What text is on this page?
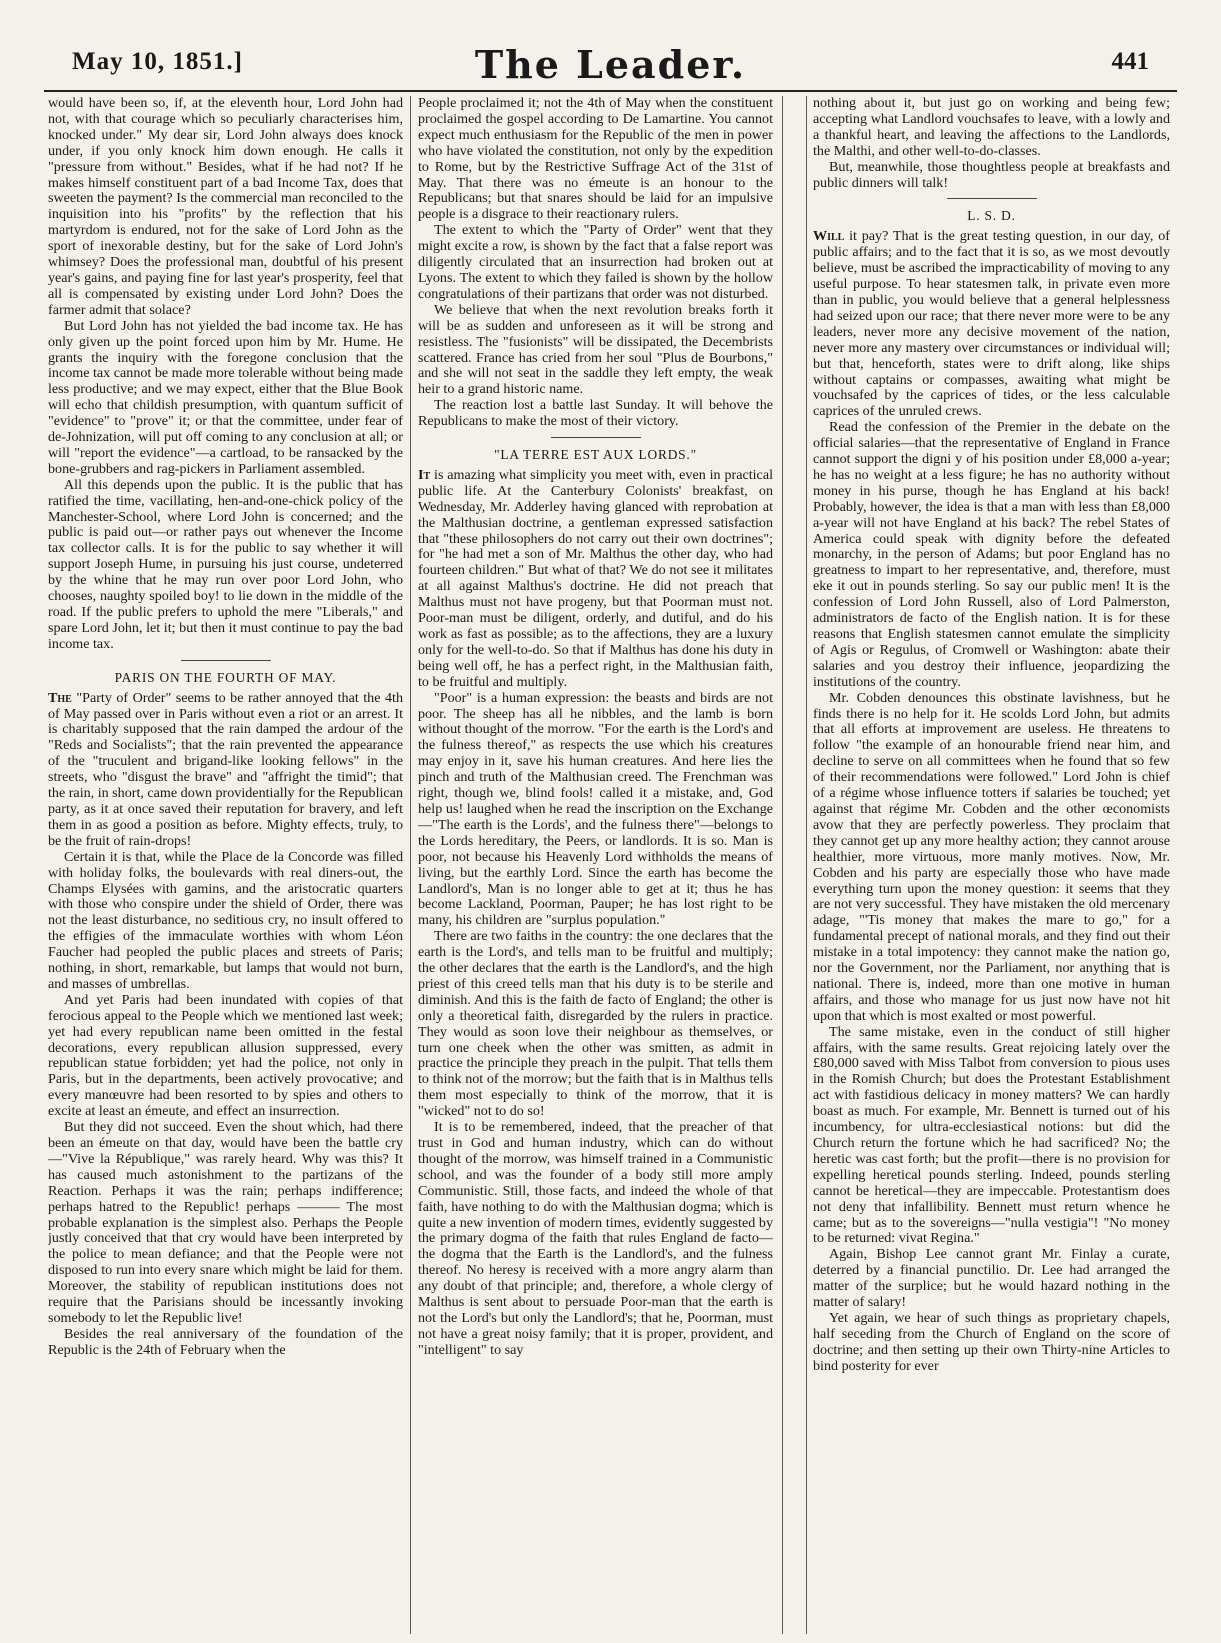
May 10, 1851.]	The Leader.	441

would have been so, if, at the eleventh hour, Lord John had not, with that courage which so peculiarly characterises him, knocked under." My dear sir, Lord John always does knock under, if you only knock him down enough. He calls it "pressure from without." Besides, what if he had not? If he makes himself constituent part of a bad Income Tax, does that sweeten the payment? Is the commercial man reconciled to the inquisition into his "profits" by the reflection that his martyrdom is endured, not for the sake of Lord John as the sport of inexorable destiny, but for the sake of Lord John's whimsey? Does the professional man, doubtful of his present year's gains, and paying fine for last year's prosperity, feel that all is compensated by existing under Lord John? Does the farmer admit that solace?

But Lord John has not yielded the bad income tax. He has only given up the point forced upon him by Mr. Hume. He grants the inquiry with the foregone conclusion that the income tax cannot be made more tolerable without being made less productive; and we may expect, either that the Blue Book will echo that childish presumption, with quantum sufficit of "evidence" to "prove" it; or that the committee, under fear of de-Johnization, will put off coming to any conclusion at all; or will "report the evidence"—a cartload, to be ransacked by the bone-grubbers and rag-pickers in Parliament assembled.

All this depends upon the public. It is the public that has ratified the time, vacillating, hen-and-one-chick policy of the Manchester-School, where Lord John is concerned; and the public is paid out—or rather pays out whenever the Income tax collector calls. It is for the public to say whether it will support Joseph Hume, in pursuing his just course, undeterred by the whine that he may run over poor Lord John, who chooses, naughty spoiled boy! to lie down in the middle of the road. If the public prefers to uphold the mere "Liberals," and spare Lord John, let it; but then it must continue to pay the bad income tax.

PARIS ON THE FOURTH OF MAY.

The "Party of Order" seems to be rather annoyed that the 4th of May passed over in Paris without even a riot or an arrest. It is charitably supposed that the rain damped the ardour of the "Reds and Socialists"; that the rain prevented the appearance of the "truculent and brigand-like looking fellows" in the streets, who "disgust the brave" and "affright the timid"; that the rain, in short, came down providentially for the Republican party, as it at once saved their reputation for bravery, and left them in as good a position as before. Mighty effects, truly, to be the fruit of rain-drops!

Certain it is that, while the Place de la Concorde was filled with holiday folks, the boulevards with real diners-out, the Champs Elysées with gamins, and the aristocratic quarters with those who conspire under the shield of Order, there was not the least disturbance, no seditious cry, no insult offered to the effigies of the immaculate worthies with whom Léon Faucher had peopled the public places and streets of Paris; nothing, in short, remarkable, but lamps that would not burn, and masses of umbrellas.

And yet Paris had been inundated with copies of that ferocious appeal to the People which we mentioned last week; yet had every republican name been omitted in the festal decorations, every republican allusion suppressed, every republican statue forbidden; yet had the police, not only in Paris, but in the departments, been actively provocative; and every manœuvre had been resorted to by spies and others to excite at least an émeute, and effect an insurrection.

But they did not succeed. Even the shout which, had there been an émeute on that day, would have been the battle cry—"Vive la République," was rarely heard. Why was this? It has caused much astonishment to the partizans of the Reaction. Perhaps it was the rain; perhaps indifference; perhaps hatred to the Republic! perhaps ——— The most probable explanation is the simplest also. Perhaps the People justly conceived that that cry would have been interpreted by the police to mean defiance; and that the People were not disposed to run into every snare which might be laid for them. Moreover, the stability of republican institutions does not require that the Parisians should be incessantly invoking somebody to let the Republic live!

Besides the real anniversary of the foundation of the Republic is the 24th of February when the

People proclaimed it; not the 4th of May when the constituent proclaimed the gospel according to De Lamartine. You cannot expect much enthusiasm for the Republic of the men in power who have violated the constitution, not only by the expedition to Rome, but by the Restrictive Suffrage Act of the 31st of May. That there was no émeute is an honour to the Republicans; but that snares should be laid for an impulsive people is a disgrace to their reactionary rulers.

The extent to which the "Party of Order" went that they might excite a row, is shown by the fact that a false report was diligently circulated that an insurrection had broken out at Lyons. The extent to which they failed is shown by the hollow congratulations of their partizans that order was not disturbed.

We believe that when the next revolution breaks forth it will be as sudden and unforeseen as it will be strong and resistless. The "fusionists" will be dissipated, the Decembrists scattered. France has cried from her soul "Plus de Bourbons," and she will not seat in the saddle they left empty, the weak heir to a grand historic name.

The reaction lost a battle last Sunday. It will behove the Republicans to make the most of their victory.

"LA TERRE EST AUX LORDS."

It is amazing what simplicity you meet with, even in practical public life. At the Canterbury Colonists' breakfast, on Wednesday, Mr. Adderley having glanced with reprobation at the Malthusian doctrine, a gentleman expressed satisfaction that "these philosophers do not carry out their own doctrines"; for "he had met a son of Mr. Malthus the other day, who had fourteen children." But what of that? We do not see it militates at all against Malthus's doctrine. He did not preach that Malthus must not have progeny, but that Poorman must not. Poor-man must be diligent, orderly, and dutiful, and do his work as fast as possible; as to the affections, they are a luxury only for the well-to-do. So that if Malthus has done his duty in being well off, he has a perfect right, in the Malthusian faith, to be fruitful and multiply.

"Poor" is a human expression: the beasts and birds are not poor. The sheep has all he nibbles, and the lamb is born without thought of the morrow. "For the earth is the Lord's and the fulness thereof," as respects the use which his creatures may enjoy in it, save his human creatures. And here lies the pinch and truth of the Malthusian creed. The Frenchman was right, though we, blind fools! called it a mistake, and, God help us! laughed when he read the inscription on the Exchange—"The earth is the Lords', and the fulness there"—belongs to the Lords hereditary, the Peers, or landlords. It is so. Man is poor, not because his Heavenly Lord withholds the means of living, but the earthly Lord. Since the earth has become the Landlord's, Man is no longer able to get at it; thus he has become Lackland, Poorman, Pauper; he has lost right to be many, his children are "surplus population."

There are two faiths in the country: the one declares that the earth is the Lord's, and tells man to be fruitful and multiply; the other declares that the earth is the Landlord's, and the high priest of this creed tells man that his duty is to be sterile and diminish. And this is the faith de facto of England; the other is only a theoretical faith, disregarded by the rulers in practice. They would as soon love their neighbour as themselves, or turn one cheek when the other was smitten, as admit in practice the principle they preach in the pulpit. That tells them to think not of the morrow; but the faith that is in Malthus tells them most especially to think of the morrow, that it is "wicked" not to do so!

It is to be remembered, indeed, that the preacher of that trust in God and human industry, which can do without thought of the morrow, was himself trained in a Communistic school, and was the founder of a body still more amply Communistic. Still, those facts, and indeed the whole of that faith, have nothing to do with the Malthusian dogma; which is quite a new invention of modern times, evidently suggested by the primary dogma of the faith that rules England de facto—the dogma that the Earth is the Landlord's, and the fulness thereof. No heresy is received with a more angry alarm than any doubt of that principle; and, therefore, a whole clergy of Malthus is sent about to persuade Poor-man that the earth is not the Lord's but only the Landlord's; that he, Poorman, must not have a great noisy family; that it is proper, provident, and "intelligent" to say

nothing about it, but just go on working and being few; accepting what Landlord vouchsafes to leave, with a lowly and a thankful heart, and leaving the affections to the Landlords, the Malthi, and other well-to-do-classes.

But, meanwhile, those thoughtless people at breakfasts and public dinners will talk!

L. S. D.

Will it pay? That is the great testing question, in our day, of public affairs; and to the fact that it is so, as we most devoutly believe, must be ascribed the impracticability of moving to any useful purpose. To hear statesmen talk, in private even more than in public, you would believe that a general helplessness had seized upon our race; that there never more were to be any leaders, never more any decisive movement of the nation, never more any mastery over circumstances or individual will; but that, henceforth, states were to drift along, like ships without captains or compasses, awaiting what might be vouchsafed by the caprices of tides, or the less calculable caprices of the unruled crews.

Read the confession of the Premier in the debate on the official salaries—that the representative of England in France cannot support the digni y of his position under £8,000 a-year; he has no weight at a less figure; he has no authority without money in his purse, though he has England at his back! Probably, however, the idea is that a man with less than £8,000 a-year will not have England at his back? The rebel States of America could speak with dignity before the defeated monarchy, in the person of Adams; but poor England has no greatness to impart to her representative, and, therefore, must eke it out in pounds sterling. So say our public men! It is the confession of Lord John Russell, also of Lord Palmerston, administrators de facto of the English nation. It is for these reasons that English statesmen cannot emulate the simplicity of Agis or Regulus, of Cromwell or Washington: abate their salaries and you destroy their influence, jeopardizing the institutions of the country.

Mr. Cobden denounces this obstinate lavishness, but he finds there is no help for it. He scolds Lord John, but admits that all efforts at improvement are useless. He threatens to follow "the example of an honourable friend near him, and decline to serve on all committees when he found that so few of their recommendations were followed." Lord John is chief of a régime whose influence totters if salaries be touched; yet against that régime Mr. Cobden and the other œconomists avow that they are perfectly powerless. They proclaim that they cannot get up any more healthy action; they cannot arouse healthier, more virtuous, more manly motives. Now, Mr. Cobden and his party are especially those who have made everything turn upon the money question: it seems that they are not very successful. They have mistaken the old mercenary adage, "'Tis money that makes the mare to go," for a fundamental precept of national morals, and they find out their mistake in a total impotency: they cannot make the nation go, nor the Government, nor the Parliament, nor anything that is national. There is, indeed, more than one motive in human affairs, and those who manage for us just now have not hit upon that which is most exalted or most powerful.

The same mistake, even in the conduct of still higher affairs, with the same results. Great rejoicing lately over the £80,000 saved with Miss Talbot from conversion to pious uses in the Romish Church; but does the Protestant Establishment act with fastidious delicacy in money matters? We can hardly boast as much. For example, Mr. Bennett is turned out of his incumbency, for ultra-ecclesiastical notions: but did the Church return the fortune which he had sacrificed? No; the heretic was cast forth; but the profit—there is no provision for expelling heretical pounds sterling. Indeed, pounds sterling cannot be heretical—they are impeccable. Protestantism does not deny that infallibility. Bennett must return whence he came; but as to the sovereigns—"nulla vestigia"! "No money to be returned: vivat Regina."

Again, Bishop Lee cannot grant Mr. Finlay a curate, deterred by a financial punctilio. Dr. Lee had arranged the matter of the surplice; but he would hazard nothing in the matter of salary!

Yet again, we hear of such things as proprietary chapels, half seceding from the Church of England on the score of doctrine; and then setting up their own Thirty-nine Articles to bind posterity for ever
